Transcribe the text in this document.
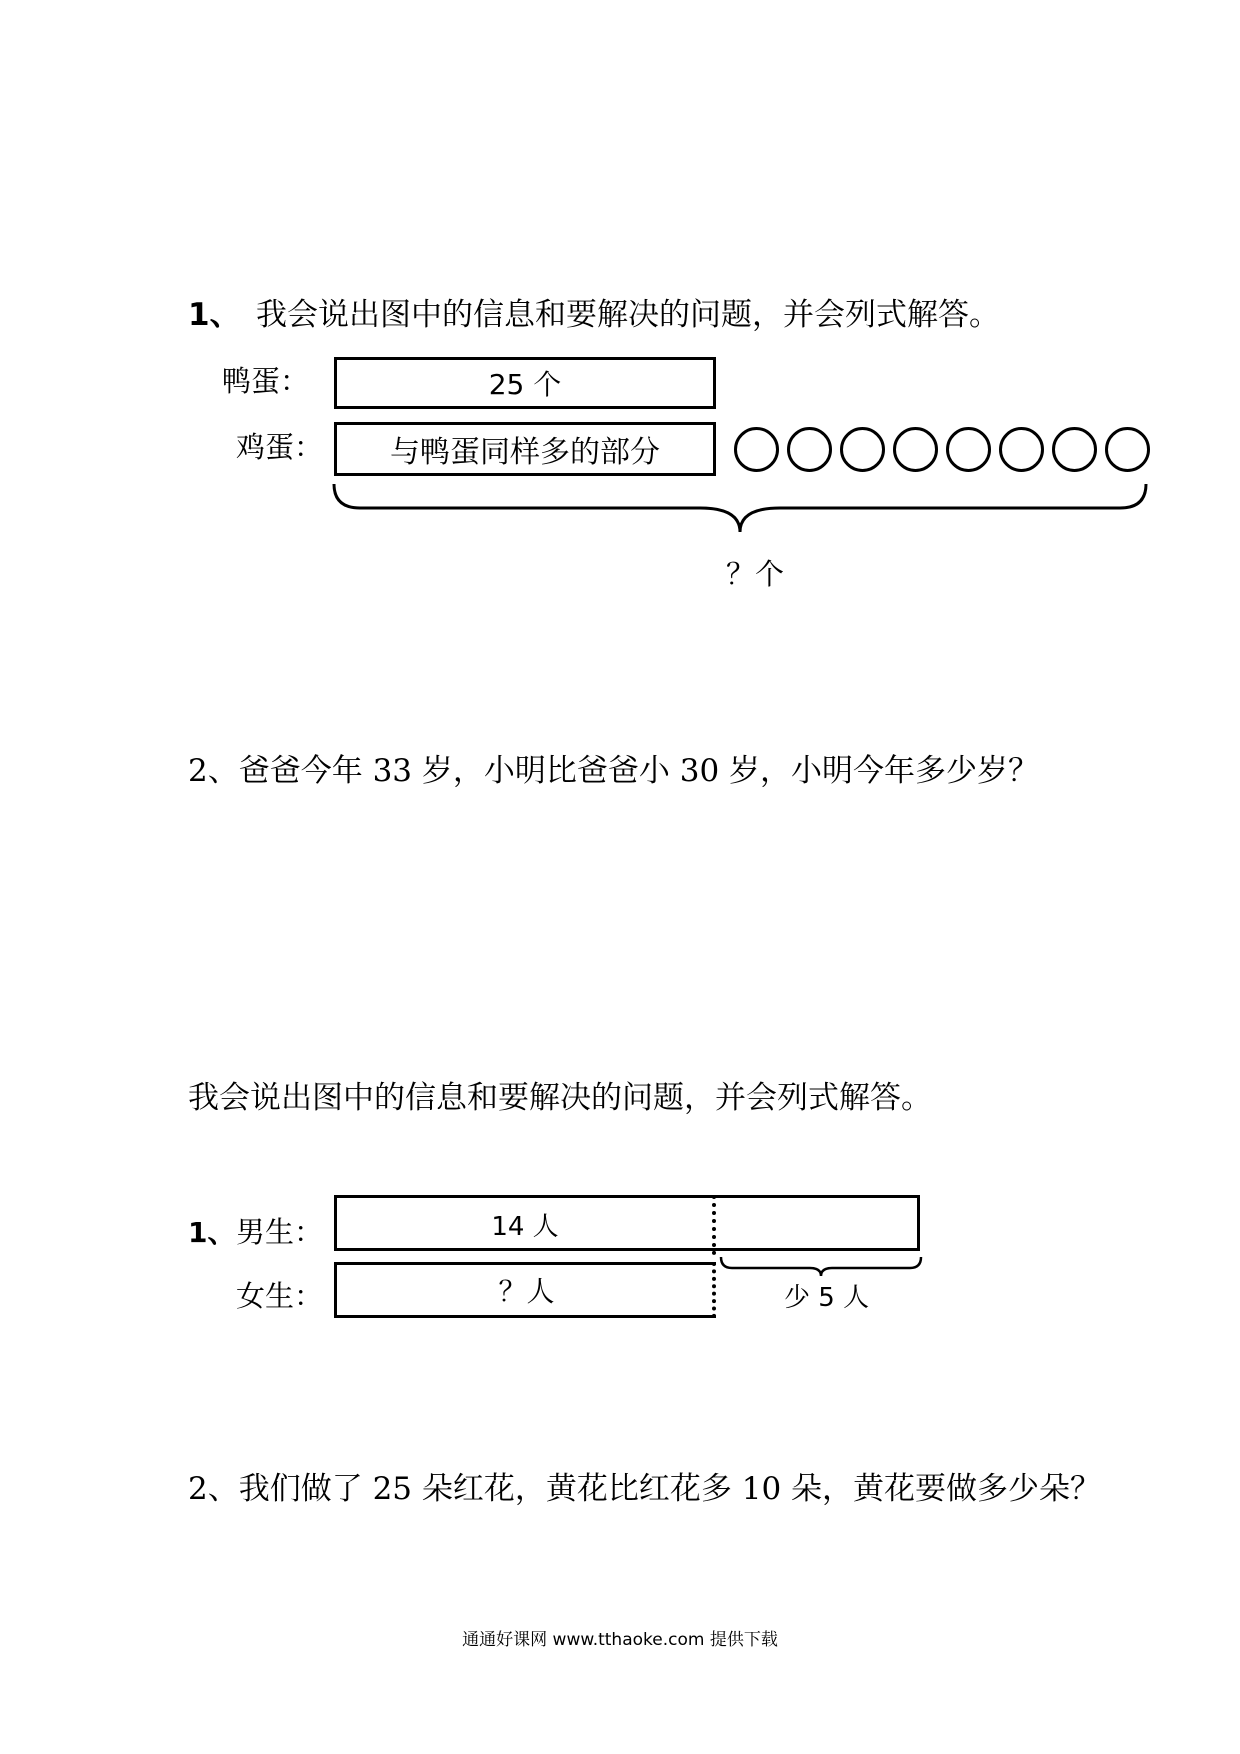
1、 我会说出图中的信息和要解决的问题，并会列式解答。
鸭蛋：	25 个
鸡蛋： 与鸭蛋同样多的部分
？个
2、爸爸今年 33 岁，小明比爸爸小 30 岁，小明今年多少岁？
我会说出图中的信息和要解决的问题，并会列式解答。
1、 男生：	14 人
女生：	？人	少 5 人
2、我们做了 25 朵红花，黄花比红花多 10 朵，黄花要做多少朵？
通通好课网 www.tthaoke.com 提供下载
